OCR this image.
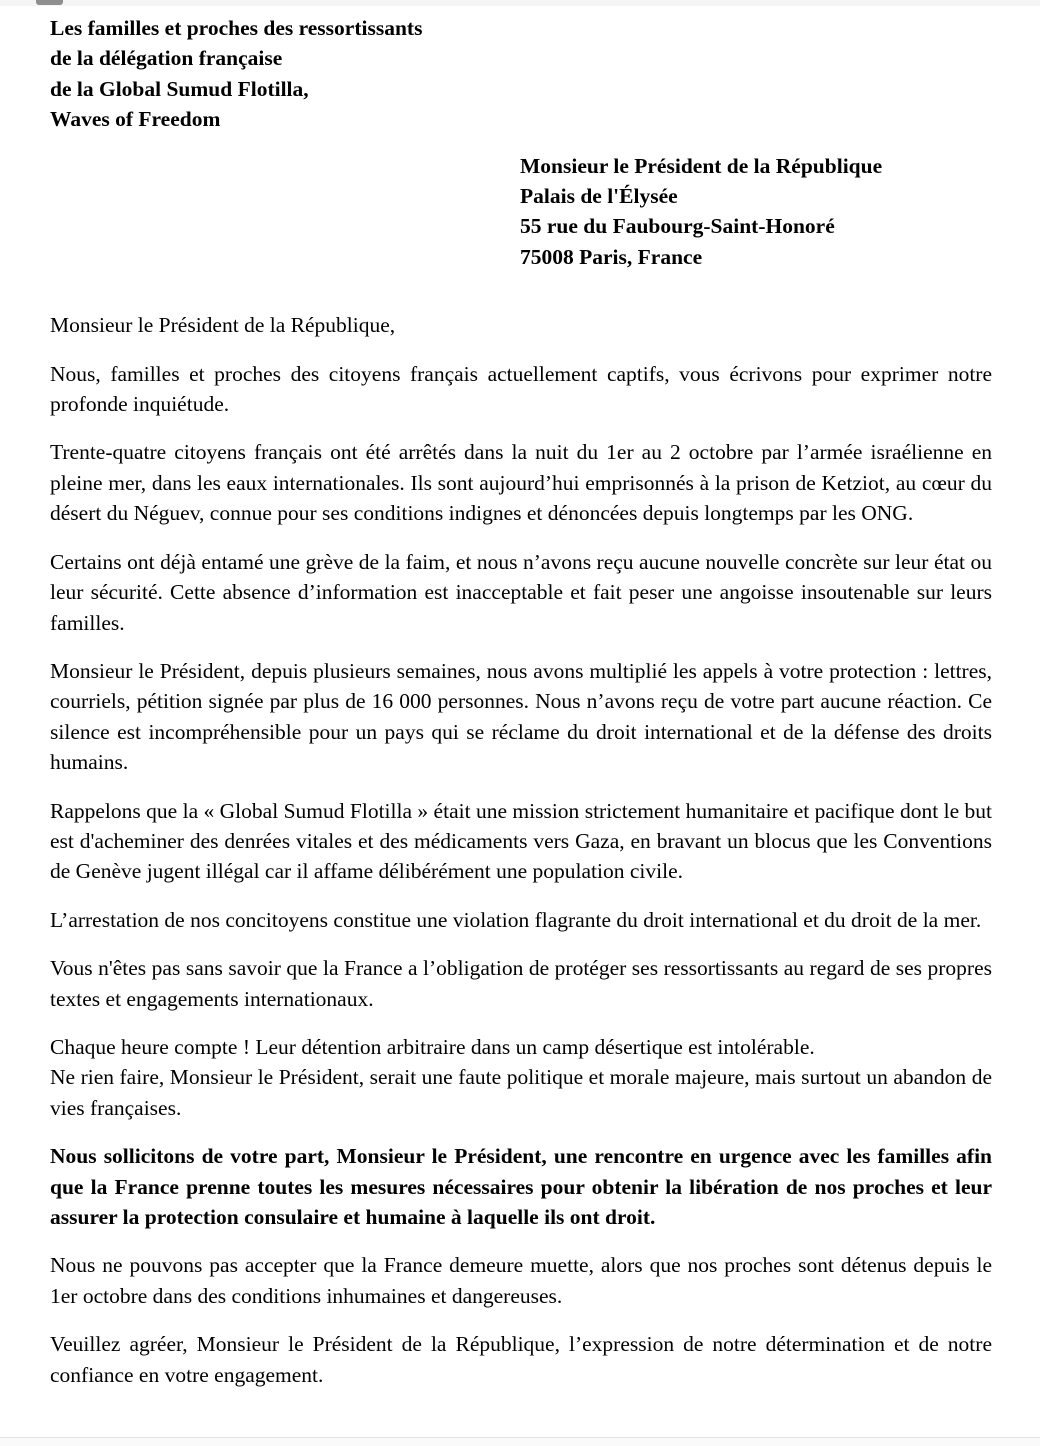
Les familles et proches des ressortissants
de la délégation française
de la Global Sumud Flotilla,
Waves of Freedom
Monsieur le Président de la République
Palais de l'Élysée
55 rue du Faubourg-Saint-Honoré
75008 Paris, France
Monsieur le Président de la République,

Nous, familles et proches des citoyens français actuellement captifs, vous écrivons pour exprimer notre profonde inquiétude.

Trente-quatre citoyens français ont été arrêtés dans la nuit du 1er au 2 octobre par l’armée israélienne en pleine mer, dans les eaux internationales. Ils sont aujourd’hui emprisonnés à la prison de Ketziot, au cœur du désert du Néguev, connue pour ses conditions indignes et dénoncées depuis longtemps par les ONG.

Certains ont déjà entamé une grève de la faim, et nous n’avons reçu aucune nouvelle concrète sur leur état ou leur sécurité. Cette absence d’information est inacceptable et fait peser une angoisse insoutenable sur leurs familles.

Monsieur le Président, depuis plusieurs semaines, nous avons multiplié les appels à votre protection : lettres, courriels, pétition signée par plus de 16 000 personnes. Nous n’avons reçu de votre part aucune réaction. Ce silence est incompréhensible pour un pays qui se réclame du droit international et de la défense des droits humains.

Rappelons que la « Global Sumud Flotilla » était une mission strictement humanitaire et pacifique dont le but est d'acheminer des denrées vitales et des médicaments vers Gaza, en bravant un blocus que les Conventions de Genève jugent illégal car il affame délibérément une population civile.

L’arrestation de nos concitoyens constitue une violation flagrante du droit international et du droit de la mer.

Vous n'êtes pas sans savoir que la France a l’obligation de protéger ses ressortissants au regard de ses propres textes et engagements internationaux.

Chaque heure compte ! Leur détention arbitraire dans un camp désertique est intolérable.
Ne rien faire, Monsieur le Président, serait une faute politique et morale majeure, mais surtout un abandon de vies françaises.

Nous sollicitons de votre part, Monsieur le Président, une rencontre en urgence avec les familles afin que la France prenne toutes les mesures nécessaires pour obtenir la libération de nos proches et leur assurer la protection consulaire et humaine à laquelle ils ont droit.

Nous ne pouvons pas accepter que la France demeure muette, alors que nos proches sont détenus depuis le 1er octobre dans des conditions inhumaines et dangereuses.

Veuillez agréer, Monsieur le Président de la République, l’expression de notre détermination et de notre confiance en votre engagement.
